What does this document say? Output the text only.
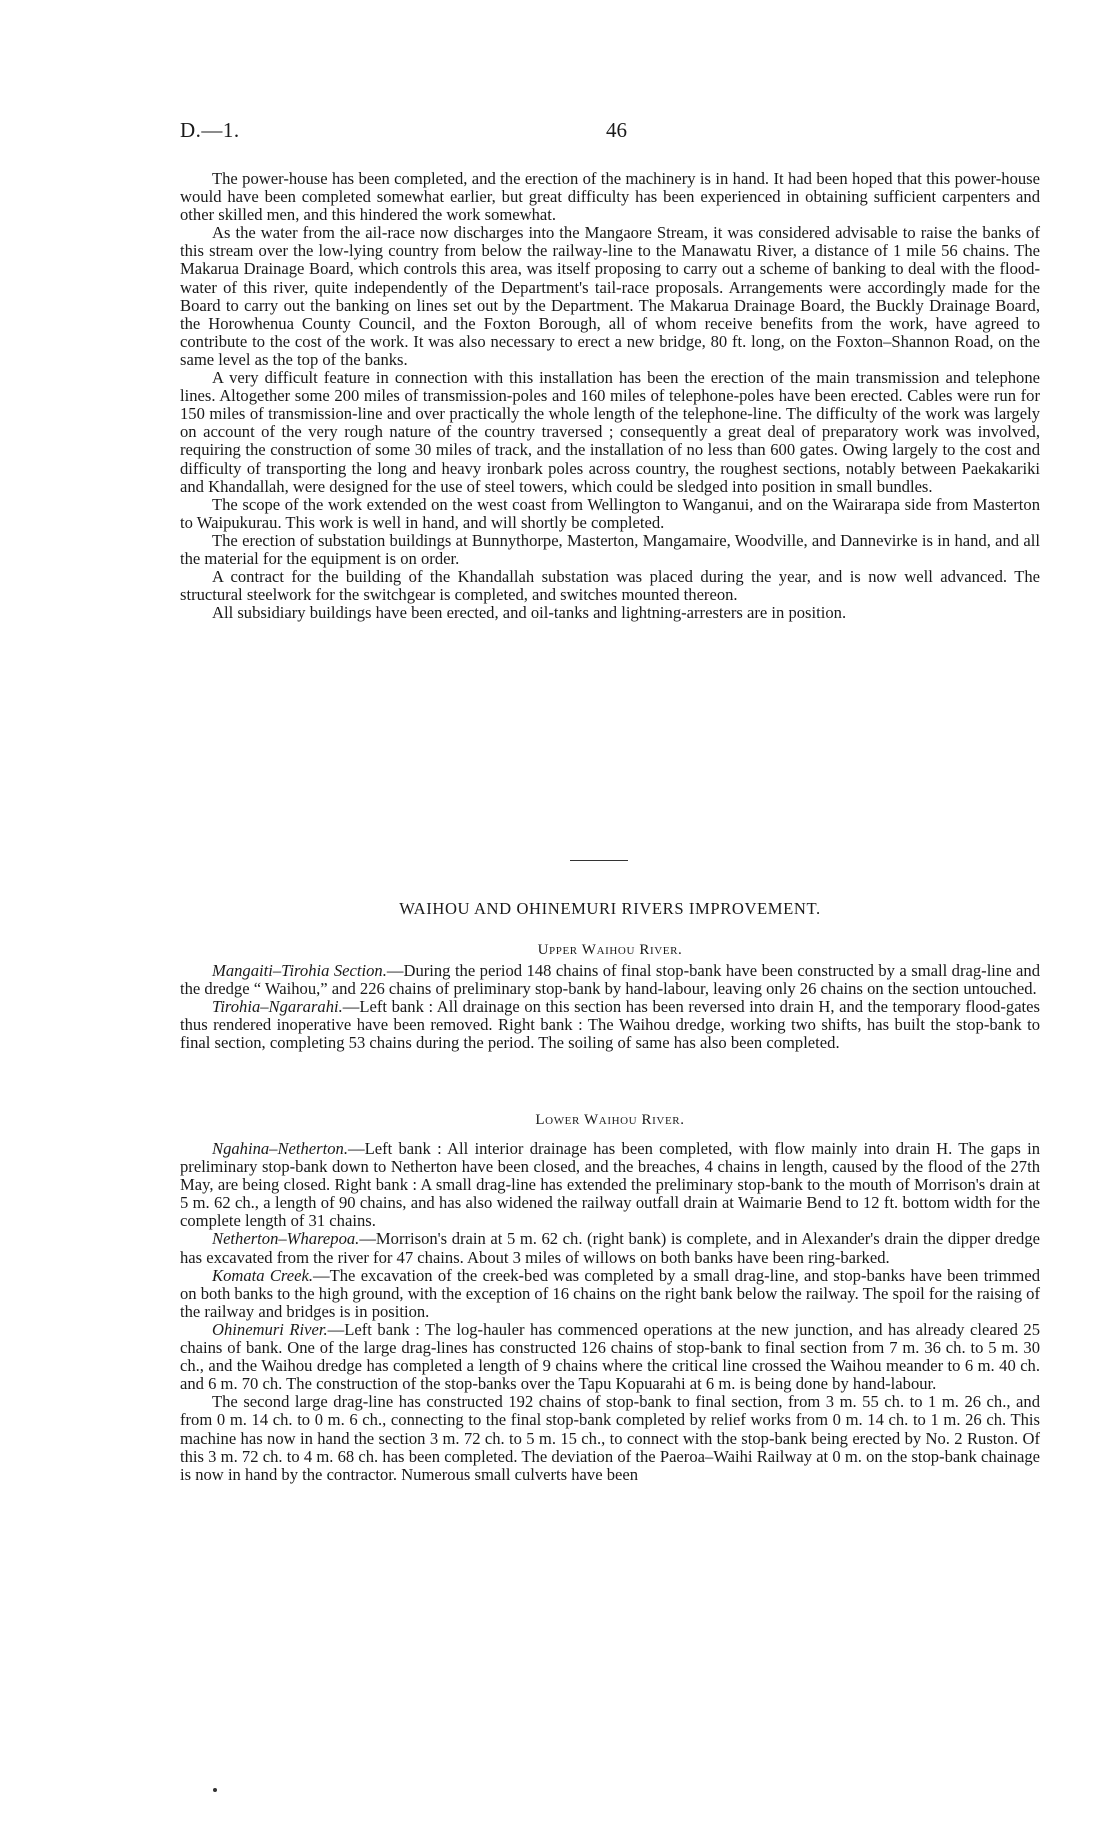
D.—1.	46

The power-house has been completed, and the erection of the machinery is in hand. It had been hoped that this power-house would have been completed somewhat earlier, but great difficulty has been experienced in obtaining sufficient carpenters and other skilled men, and this hindered the work somewhat.

As the water from the ail-race now discharges into the Mangaore Stream, it was considered advisable to raise the banks of this stream over the low-lying country from below the railway-line to the Manawatu River, a distance of 1 mile 56 chains. The Makarua Drainage Board, which controls this area, was itself proposing to carry out a scheme of banking to deal with the flood-water of this river, quite independently of the Department's tail-race proposals. Arrangements were accordingly made for the Board to carry out the banking on lines set out by the Department. The Makarua Drainage Board, the Buckly Drainage Board, the Horowhenua County Council, and the Foxton Borough, all of whom receive benefits from the work, have agreed to contribute to the cost of the work. It was also necessary to erect a new bridge, 80 ft. long, on the Foxton–Shannon Road, on the same level as the top of the banks.

A very difficult feature in connection with this installation has been the erection of the main transmission and telephone lines. Altogether some 200 miles of transmission-poles and 160 miles of telephone-poles have been erected. Cables were run for 150 miles of transmission-line and over practically the whole length of the telephone-line. The difficulty of the work was largely on account of the very rough nature of the country traversed ; consequently a great deal of preparatory work was involved, requiring the construction of some 30 miles of track, and the installation of no less than 600 gates. Owing largely to the cost and difficulty of transporting the long and heavy ironbark poles across country, the roughest sections, notably between Paekakariki and Khandallah, were designed for the use of steel towers, which could be sledged into position in small bundles.

The scope of the work extended on the west coast from Wellington to Wanganui, and on the Wairarapa side from Masterton to Waipukurau. This work is well in hand, and will shortly be completed.

The erection of substation buildings at Bunnythorpe, Masterton, Mangamaire, Woodville, and Dannevirke is in hand, and all the material for the equipment is on order.

A contract for the building of the Khandallah substation was placed during the year, and is now well advanced. The structural steelwork for the switchgear is completed, and switches mounted thereon.

All subsidiary buildings have been erected, and oil-tanks and lightning-arresters are in position.

WAIHOU AND OHINEMURI RIVERS IMPROVEMENT.
Upper Waihou River.

Mangaiti–Tirohia Section.—During the period 148 chains of final stop-bank have been constructed by a small drag-line and the dredge “ Waihou,” and 226 chains of preliminary stop-bank by hand-labour, leaving only 26 chains on the section untouched.

Tirohia–Ngararahi.—Left bank : All drainage on this section has been reversed into drain H, and the temporary flood-gates thus rendered inoperative have been removed. Right bank : The Waihou dredge, working two shifts, has built the stop-bank to final section, completing 53 chains during the period. The soiling of same has also been completed.

Lower Waihou River.

Ngahina–Netherton.—Left bank : All interior drainage has been completed, with flow mainly into drain H. The gaps in preliminary stop-bank down to Netherton have been closed, and the breaches, 4 chains in length, caused by the flood of the 27th May, are being closed. Right bank : A small drag-line has extended the preliminary stop-bank to the mouth of Morrison's drain at 5 m. 62 ch., a length of 90 chains, and has also widened the railway outfall drain at Waimarie Bend to 12 ft. bottom width for the complete length of 31 chains.

Netherton–Wharepoa.—Morrison's drain at 5 m. 62 ch. (right bank) is complete, and in Alexander's drain the dipper dredge has excavated from the river for 47 chains. About 3 miles of willows on both banks have been ring-barked.

Komata Creek.—The excavation of the creek-bed was completed by a small drag-line, and stop-banks have been trimmed on both banks to the high ground, with the exception of 16 chains on the right bank below the railway. The spoil for the raising of the railway and bridges is in position.

Ohinemuri River.—Left bank : The log-hauler has commenced operations at the new junction, and has already cleared 25 chains of bank. One of the large drag-lines has constructed 126 chains of stop-bank to final section from 7 m. 36 ch. to 5 m. 30 ch., and the Waihou dredge has completed a length of 9 chains where the critical line crossed the Waihou meander to 6 m. 40 ch. and 6 m. 70 ch. The construction of the stop-banks over the Tapu Kopuarahi at 6 m. is being done by hand-labour.

The second large drag-line has constructed 192 chains of stop-bank to final section, from 3 m. 55 ch. to 1 m. 26 ch., and from 0 m. 14 ch. to 0 m. 6 ch., connecting to the final stop-bank completed by relief works from 0 m. 14 ch. to 1 m. 26 ch. This machine has now in hand the section 3 m. 72 ch. to 5 m. 15 ch., to connect with the stop-bank being erected by No. 2 Ruston. Of this 3 m. 72 ch. to 4 m. 68 ch. has been completed. The deviation of the Paeroa–Waihi Railway at 0 m. on the stop-bank chainage is now in hand by the contractor. Numerous small culverts have been
